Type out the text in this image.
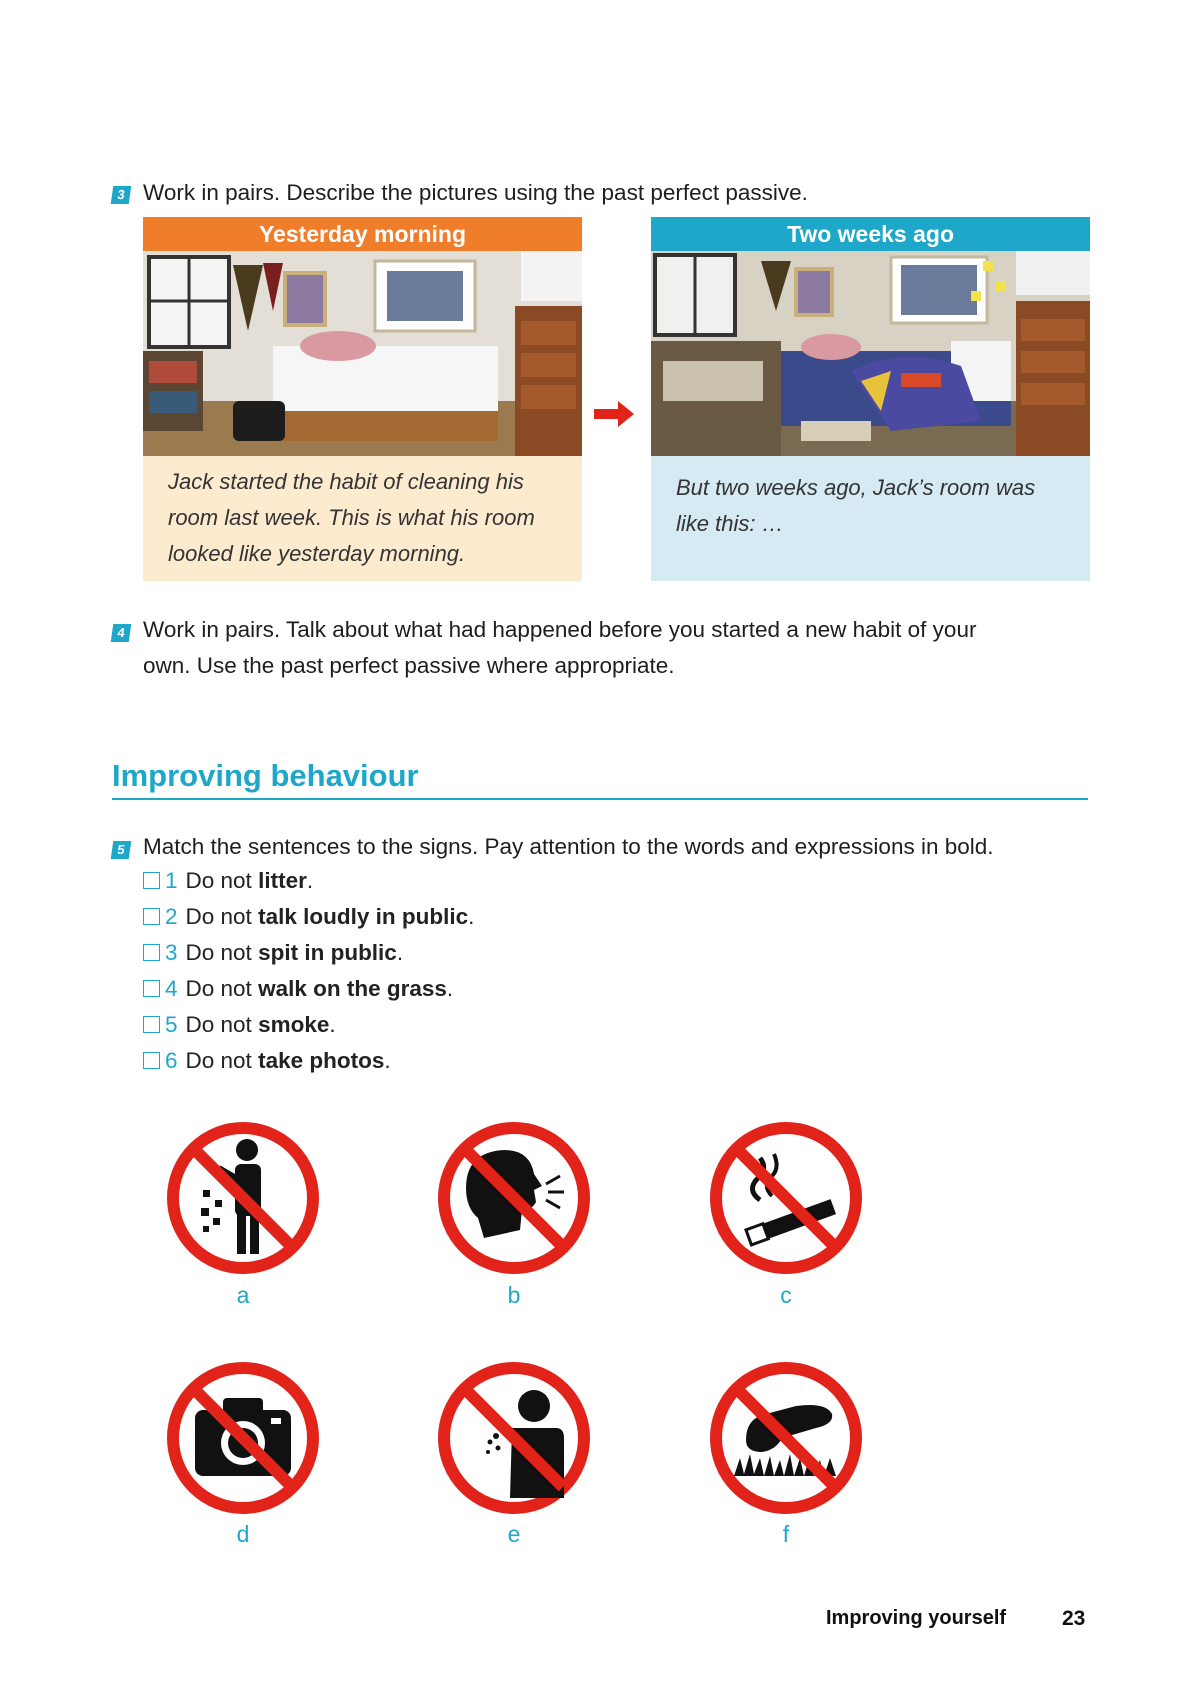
3 Work in pairs. Describe the pictures using the past perfect passive.
Yesterday morning
Jack started the habit of cleaning his
room last week. This is what his room
looked like yesterday morning.
Two weeks ago
But two weeks ago, Jack’s room was
like this: …
4 Work in pairs. Talk about what had happened before you started a new habit of your
own. Use the past perfect passive where appropriate.
Improving behaviour
5 Match the sentences to the signs. Pay attention to the words and expressions in bold.
1 Do not litter.
2 Do not talk loudly in public.
3 Do not spit in public.
4 Do not walk on the grass.
5 Do not smoke.
6 Do not take photos.
a	b	c
d	e	f
Improving yourself	23
